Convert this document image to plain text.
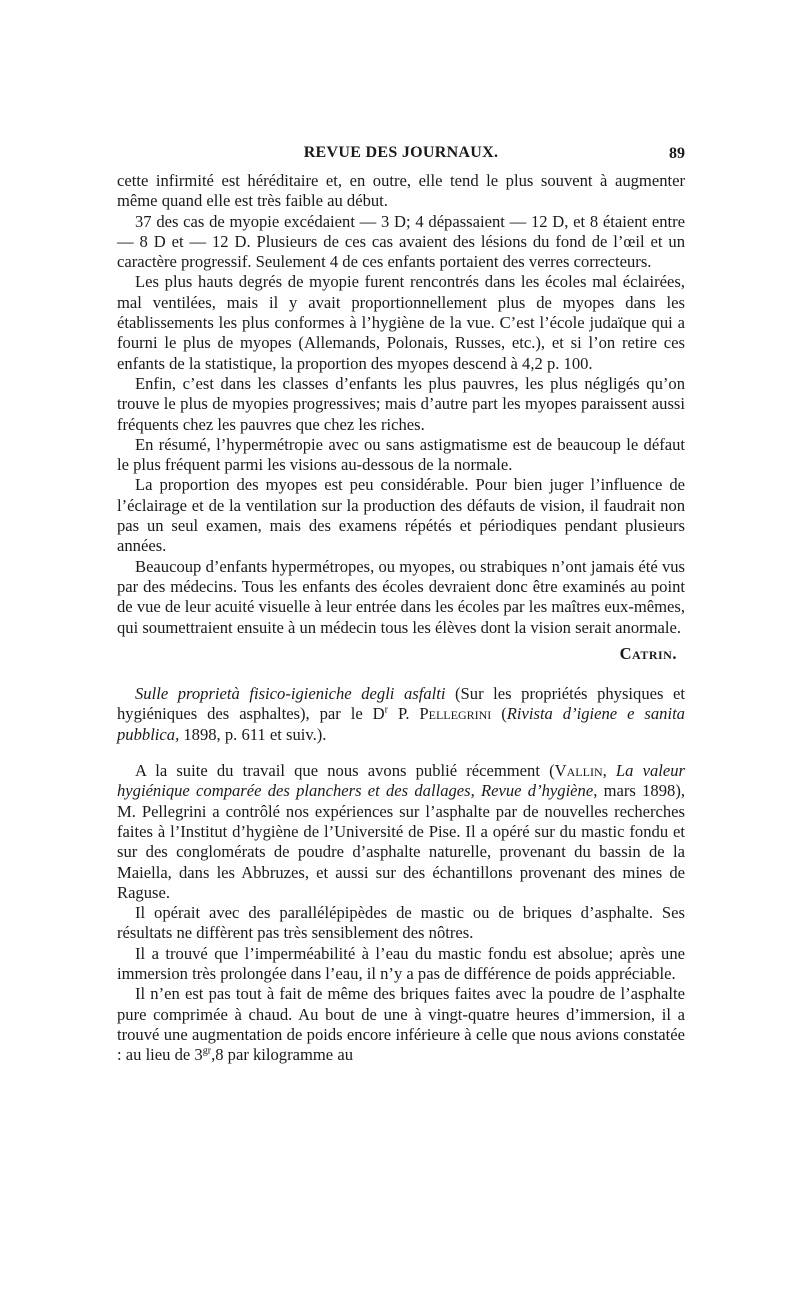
REVUE DES JOURNAUX.	89

cette infirmité est héréditaire et, en outre, elle tend le plus souvent à augmenter même quand elle est très faible au début.

37 des cas de myopie excédaient — 3 D; 4 dépassaient — 12 D, et 8 étaient entre — 8 D et — 12 D. Plusieurs de ces cas avaient des lésions du fond de l’œil et un caractère progressif. Seulement 4 de ces enfants portaient des verres correcteurs.

Les plus hauts degrés de myopie furent rencontrés dans les écoles mal éclairées, mal ventilées, mais il y avait proportionnellement plus de myopes dans les établissements les plus conformes à l’hygiène de la vue. C’est l’école judaïque qui a fourni le plus de myopes (Allemands, Polonais, Russes, etc.), et si l’on retire ces enfants de la statistique, la proportion des myopes descend à 4,2 p. 100.

Enfin, c’est dans les classes d’enfants les plus pauvres, les plus négligés qu’on trouve le plus de myopies progressives; mais d’autre part les myopes paraissent aussi fréquents chez les pauvres que chez les riches.

En résumé, l’hypermétropie avec ou sans astigmatisme est de beaucoup le défaut le plus fréquent parmi les visions au-dessous de la normale.

La proportion des myopes est peu considérable. Pour bien juger l’influence de l’éclairage et de la ventilation sur la production des défauts de vision, il faudrait non pas un seul examen, mais des examens répétés et périodiques pendant plusieurs années.

Beaucoup d’enfants hypermétropes, ou myopes, ou strabiques n’ont jamais été vus par des médecins. Tous les enfants des écoles devraient donc être examinés au point de vue de leur acuité visuelle à leur entrée dans les écoles par les maîtres eux-mêmes, qui soumettraient ensuite à un médecin tous les élèves dont la vision serait anormale.

Catrin.

Sulle proprietà fisico-igieniche degli asfalti (Sur les propriétés physiques et hygiéniques des asphaltes), par le $D^r$ P. Pellegrini (Rivista d’igiene e sanita pubblica, 1898, p. 611 et suiv.).

A la suite du travail que nous avons publié récemment (Vallin, La valeur hygiénique comparée des planchers et des dallages, Revue d’hygiène, mars 1898), M. Pellegrini a contrôlé nos expériences sur l’asphalte par de nouvelles recherches faites à l’Institut d’hygiène de l’Université de Pise. Il a opéré sur du mastic fondu et sur des conglomérats de poudre d’asphalte naturelle, provenant du bassin de la Maiella, dans les Abbruzes, et aussi sur des échantillons provenant des mines de Raguse.

Il opérait avec des parallélépipèdes de mastic ou de briques d’asphalte. Ses résultats ne diffèrent pas très sensiblement des nôtres.

Il a trouvé que l’imperméabilité à l’eau du mastic fondu est absolue; après une immersion très prolongée dans l’eau, il n’y a pas de différence de poids appréciable.

Il n’en est pas tout à fait de même des briques faites avec la poudre de l’asphalte pure comprimée à chaud. Au bout de une à vingt-quatre heures d’immersion, il a trouvé une augmentation de poids encore inférieure à celle que nous avions constatée : au lieu de $3^{gr},8$ par kilogramme au
